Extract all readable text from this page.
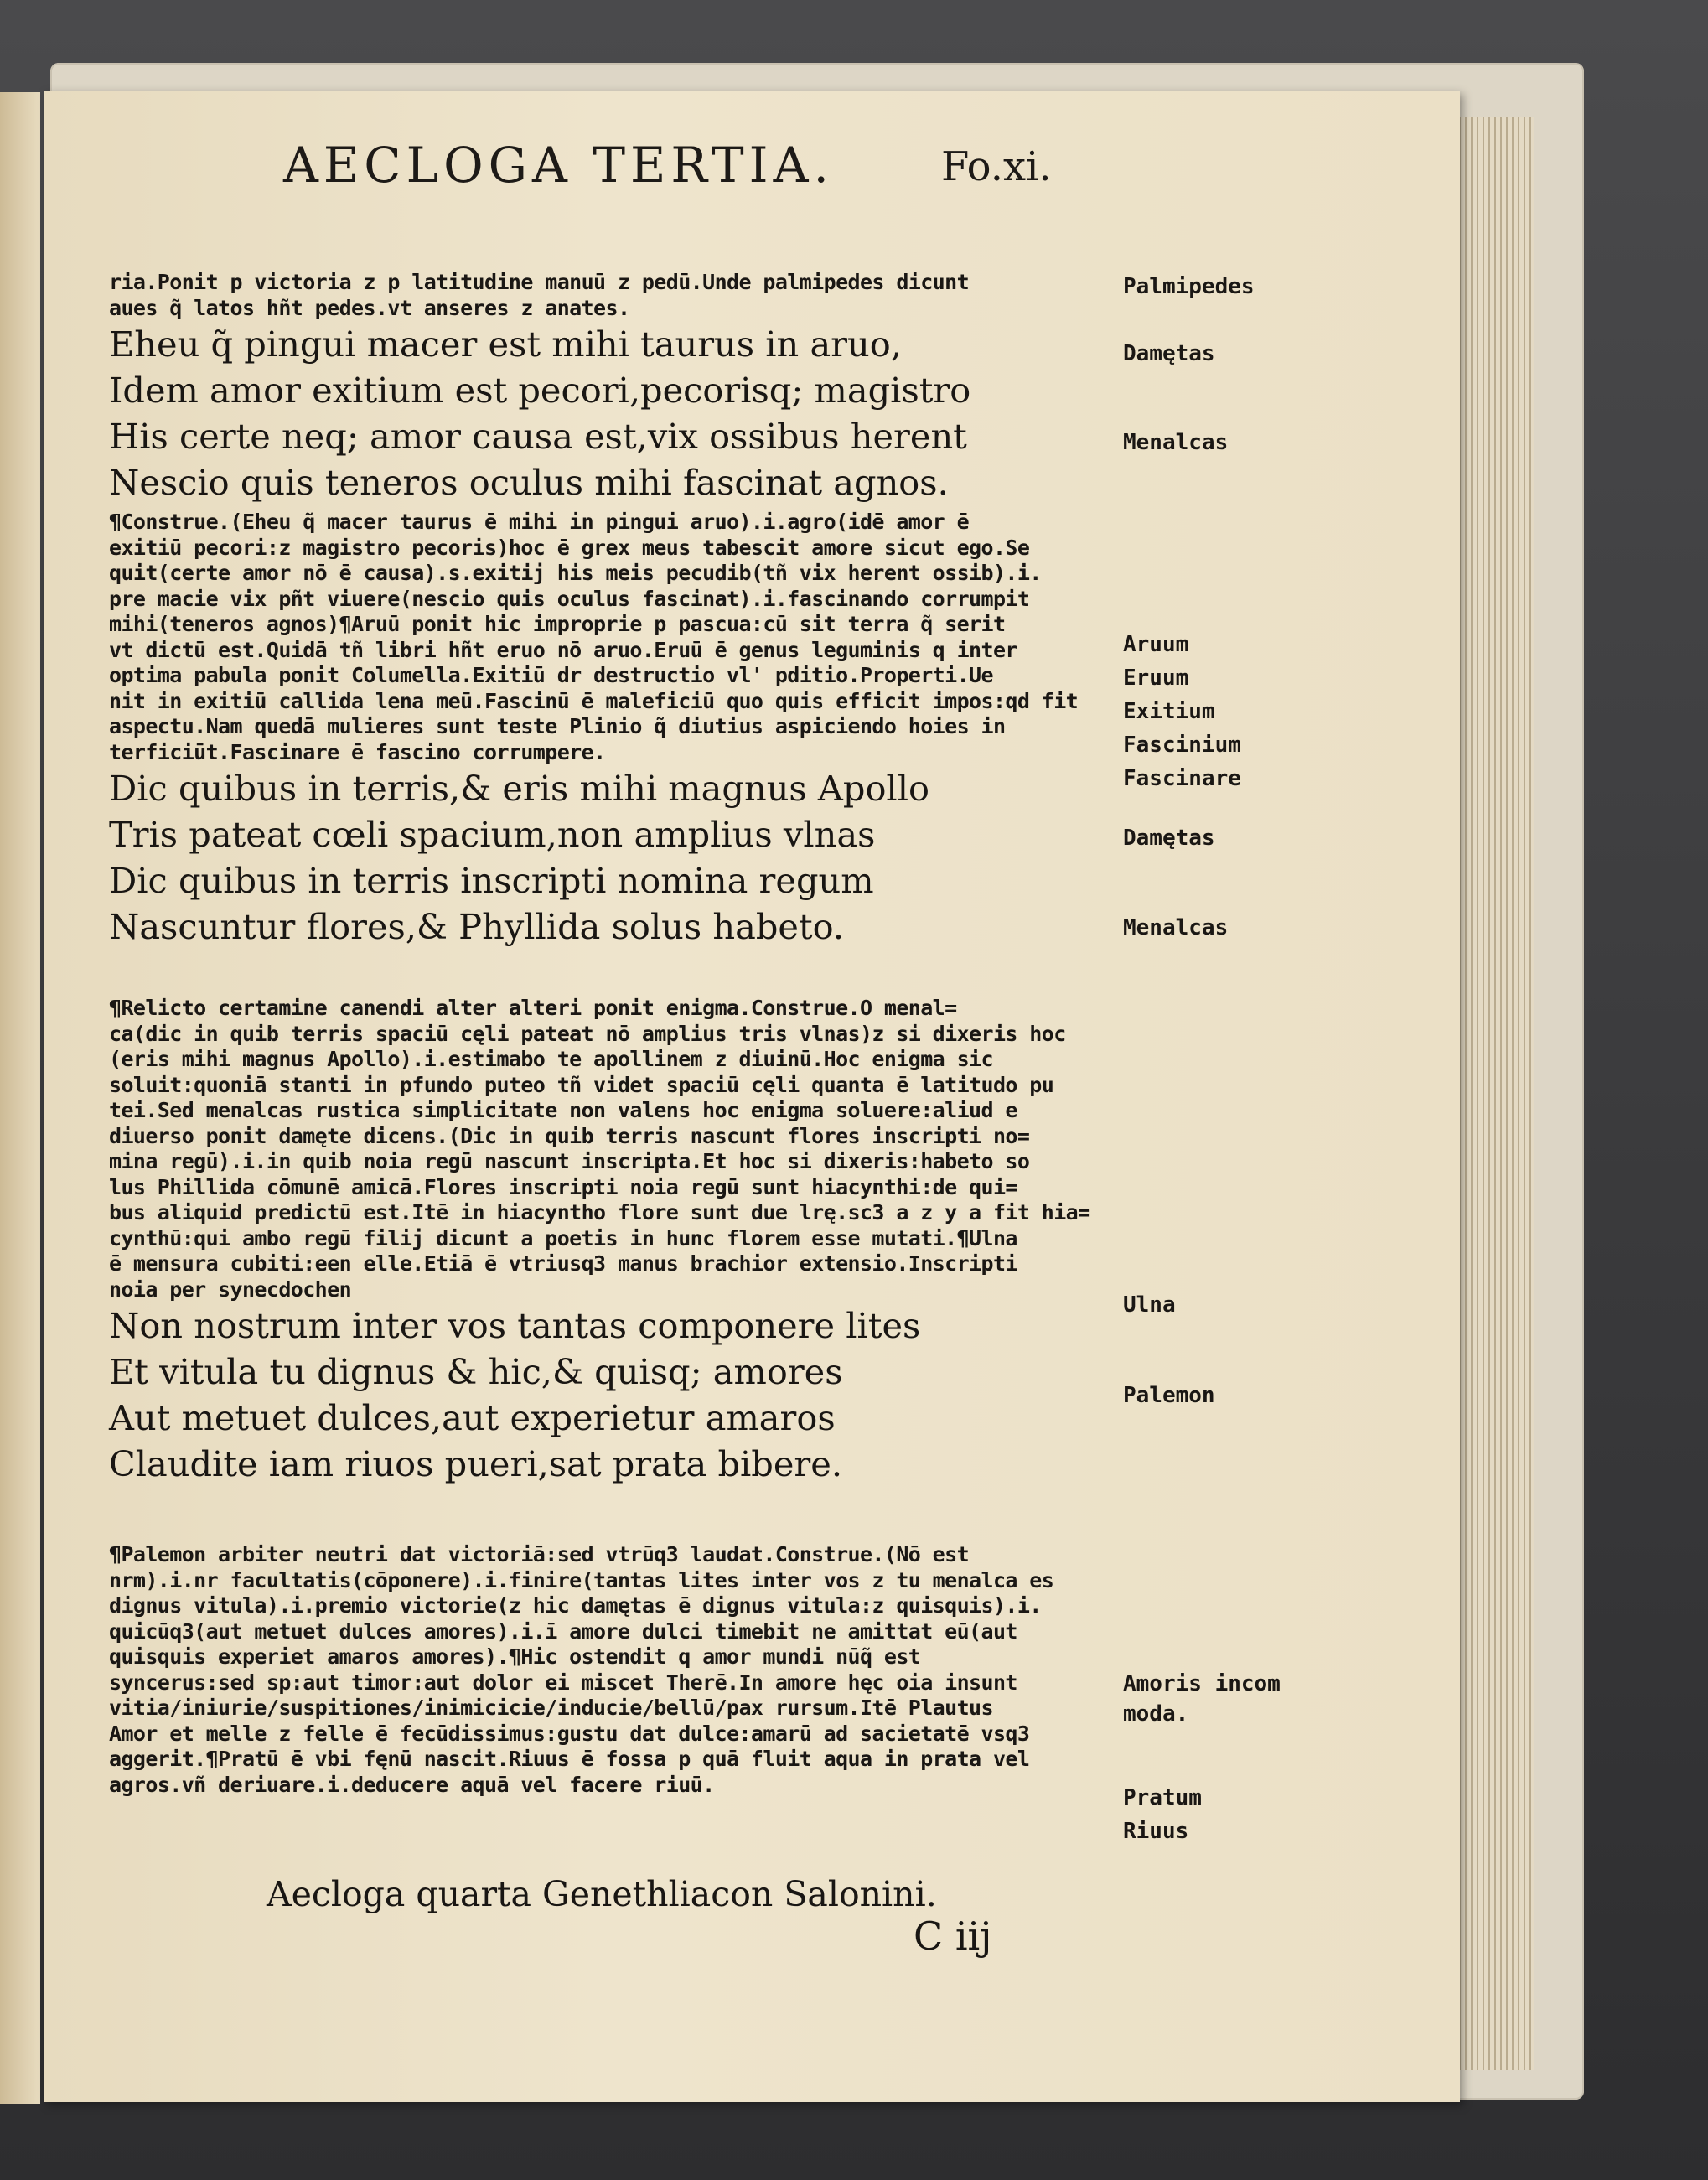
AECLOGA TERTIA.	Fo.xi.

ria.Ponit p victoria z p latitudine manuū z pedū.Unde palmipedes dicunt

aues q̃ latos hñt pedes.vt anseres z anates.

Eheu q̃ pingui macer est mihi taurus in aruo,

Idem amor exitium est pecori,pecorisq; magistro

His certe neq; amor causa est,vix ossibus herent

Nescio quis teneros oculus mihi fascinat agnos.

¶Construe.(Eheu q̃ macer taurus ē mihi in pingui aruo).i.agro(idē amor ē

exitiū pecori:z magistro pecoris)hoc ē grex meus tabescit amore sicut ego.Se

quit(certe amor nō ē causa).s.exitij his meis pecudib(tñ vix herent ossib).i.

pre macie vix pñt viuere(nescio quis oculus fascinat).i.fascinando corrumpit

mihi(teneros agnos)¶Aruū ponit hic improprie p pascua:cū sit terra q̃ serit

vt dictū est.Quidā tñ libri hñt eruo nō aruo.Eruū ē genus leguminis q inter

optima pabula ponit Columella.Exitiū dr destructio vl' pditio.Properti.Ue

nit in exitiū callida lena meū.Fascinū ē maleficiū quo quis efficit impos:qd fit

aspectu.Nam quedā mulieres sunt teste Plinio q̃ diutius aspiciendo hoies in

terficiūt.Fascinare ē fascino corrumpere.

Dic quibus in terris,& eris mihi magnus Apollo

Tris pateat cœli spacium,non amplius vlnas

Dic quibus in terris inscripti nomina regum

Nascuntur flores,& Phyllida solus habeto.

¶Relicto certamine canendi alter alteri ponit enigma.Construe.O menal=

ca(dic in quib terris spaciū cęli pateat nō amplius tris vlnas)z si dixeris hoc

(eris mihi magnus Apollo).i.estimabo te apollinem z diuinū.Hoc enigma sic

soluit:quoniā stanti in pfundo puteo tñ videt spaciū cęli quanta ē latitudo pu

tei.Sed menalcas rustica simplicitate non valens hoc enigma soluere:aliud e

diuerso ponit damęte dicens.(Dic in quib terris nascunt flores inscripti no=

mina regū).i.in quib noia regū nascunt inscripta.Et hoc si dixeris:habeto so

lus Phillida cōmunē amicā.Flores inscripti noia regū sunt hiacynthi:de qui=

bus aliquid predictū est.Itē in hiacyntho flore sunt due lrę.sc3 a z y a fit hia=

cynthū:qui ambo regū filij dicunt a poetis in hunc florem esse mutati.¶Ulna

ē mensura cubiti:een elle.Etiā ē vtriusq3 manus brachior extensio.Inscripti

noia per synecdochen

Non nostrum inter vos tantas componere lites

Et vitula tu dignus & hic,& quisq; amores

Aut metuet dulces,aut experietur amaros

Claudite iam riuos pueri,sat prata bibere.

¶Palemon arbiter neutri dat victoriā:sed vtrūq3 laudat.Construe.(Nō est

nrm).i.nr facultatis(cōponere).i.finire(tantas lites inter vos z tu menalca es

dignus vitula).i.premio victorie(z hic damętas ē dignus vitula:z quisquis).i.

quicūq3(aut metuet dulces amores).i.ī amore dulci timebit ne amittat eū(aut

quisquis experiet amaros amores).¶Hic ostendit q amor mundi nūq̃ est

syncerus:sed sp:aut timor:aut dolor ei miscet Therē.In amore hęc oia insunt

vitia/iniurie/suspitiones/inimicicie/inducie/bellū/pax rursum.Itē Plautus

Amor et melle z felle ē fecūdissimus:gustu dat dulce:amarū ad sacietatē vsq3

aggerit.¶Pratū ē vbi fęnū nascit.Riuus ē fossa p quā fluit aqua in prata vel

agros.vñ deriuare.i.deducere aquā vel facere riuū.

Aecloga quarta Genethliacon Salonini.
C iij
Palmipedes
Damętas
Menalcas
Aruum
Eruum
Exitium
Fascinium
Fascinare
Damętas
Menalcas
Ulna
Palemon
Amoris incom
moda.
Pratum
Riuus
